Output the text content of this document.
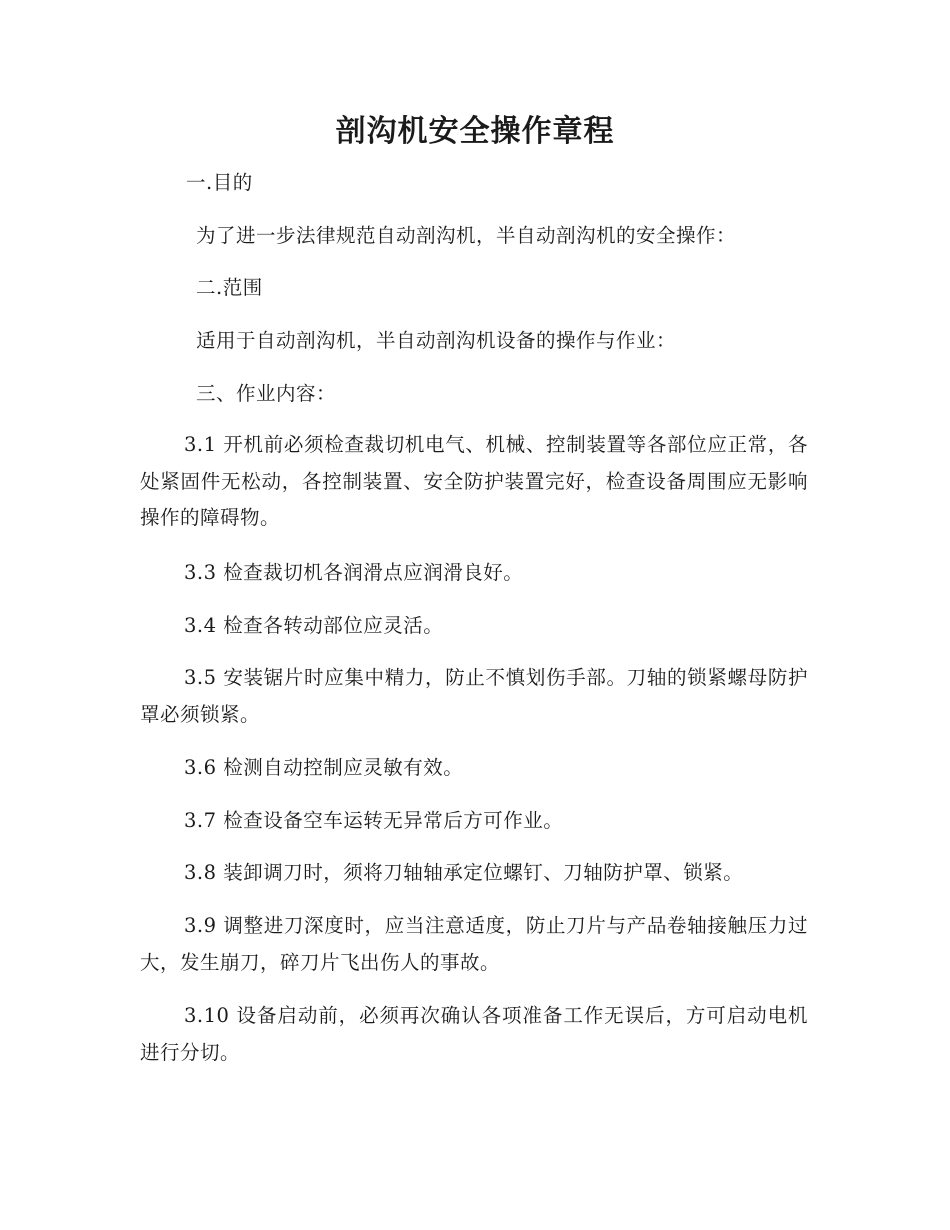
剖沟机安全操作章程

一.目的

为了进一步法律规范自动剖沟机，半自动剖沟机的安全操作：

二.范围

适用于自动剖沟机，半自动剖沟机设备的操作与作业：

三、作业内容：

3.1 开机前必须检查裁切机电气、机械、控制装置等各部位应正常，各处紧固件无松动，各控制装置、安全防护装置完好，检查设备周围应无影响操作的障碍物。

3.3 检查裁切机各润滑点应润滑良好。

3.4 检查各转动部位应灵活。

3.5 安装锯片时应集中精力，防止不慎划伤手部。刀轴的锁紧螺母防护罩必须锁紧。

3.6 检测自动控制应灵敏有效。

3.7 检查设备空车运转无异常后方可作业。

3.8 装卸调刀时，须将刀轴轴承定位螺钉、刀轴防护罩、锁紧。

3.9 调整进刀深度时，应当注意适度，防止刀片与产品卷轴接触压力过大，发生崩刀，碎刀片飞出伤人的事故。

3.10 设备启动前，必须再次确认各项准备工作无误后，方可启动电机进行分切。
